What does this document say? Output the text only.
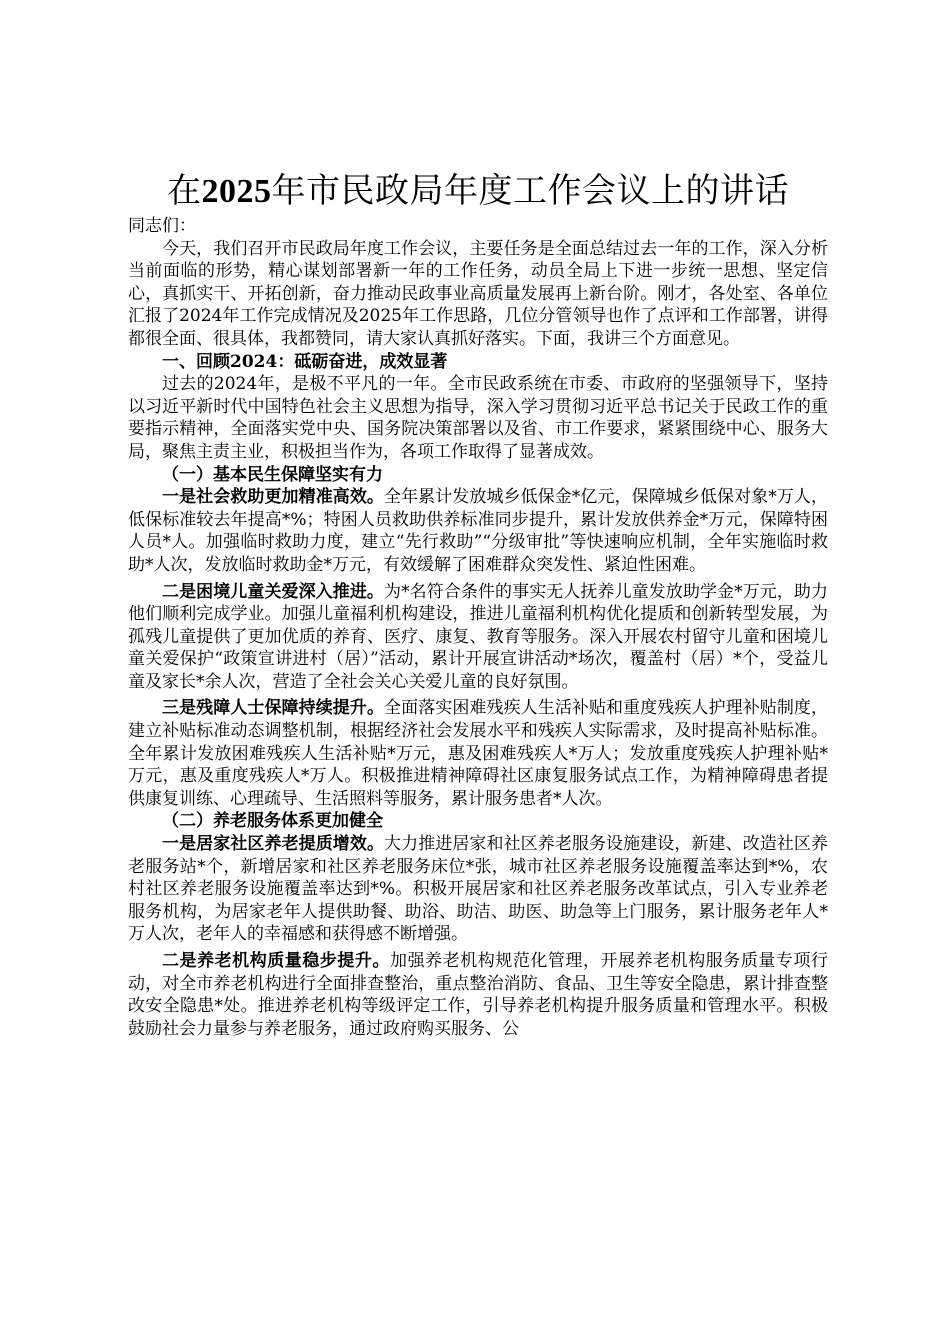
在2025年市民政局年度工作会议上的讲话

同志们：

今天，我们召开市民政局年度工作会议，主要任务是全面总结过去一年的工作，深入分析当前面临的形势，精心谋划部署新一年的工作任务，动员全局上下进一步统一思想、坚定信心，真抓实干、开拓创新，奋力推动民政事业高质量发展再上新台阶。刚才，各处室、各单位汇报了2024年工作完成情况及2025年工作思路，几位分管领导也作了点评和工作部署，讲得都很全面、很具体，我都赞同，请大家认真抓好落实。下面，我讲三个方面意见。

一、回顾2024：砥砺奋进，成效显著

过去的2024年，是极不平凡的一年。全市民政系统在市委、市政府的坚强领导下，坚持以习近平新时代中国特色社会主义思想为指导，深入学习贯彻习近平总书记关于民政工作的重要指示精神，全面落实党中央、国务院决策部署以及省、市工作要求，紧紧围绕中心、服务大局，聚焦主责主业，积极担当作为，各项工作取得了显著成效。

（一）基本民生保障坚实有力

一是社会救助更加精准高效。全年累计发放城乡低保金*亿元，保障城乡低保对象*万人，低保标准较去年提高*%；特困人员救助供养标准同步提升，累计发放供养金*万元，保障特困人员*人。加强临时救助力度，建立“先行救助”“分级审批”等快速响应机制，全年实施临时救助*人次，发放临时救助金*万元，有效缓解了困难群众突发性、紧迫性困难。

二是困境儿童关爱深入推进。为*名符合条件的事实无人抚养儿童发放助学金*万元，助力他们顺利完成学业。加强儿童福利机构建设，推进儿童福利机构优化提质和创新转型发展，为孤残儿童提供了更加优质的养育、医疗、康复、教育等服务。深入开展农村留守儿童和困境儿童关爱保护“政策宣讲进村（居）”活动，累计开展宣讲活动*场次，覆盖村（居）*个，受益儿童及家长*余人次，营造了全社会关心关爱儿童的良好氛围。

三是残障人士保障持续提升。全面落实困难残疾人生活补贴和重度残疾人护理补贴制度，建立补贴标准动态调整机制，根据经济社会发展水平和残疾人实际需求，及时提高补贴标准。全年累计发放困难残疾人生活补贴*万元，惠及困难残疾人*万人；发放重度残疾人护理补贴*万元，惠及重度残疾人*万人。积极推进精神障碍社区康复服务试点工作，为精神障碍患者提供康复训练、心理疏导、生活照料等服务，累计服务患者*人次。

（二）养老服务体系更加健全

一是居家社区养老提质增效。大力推进居家和社区养老服务设施建设，新建、改造社区养老服务站*个，新增居家和社区养老服务床位*张，城市社区养老服务设施覆盖率达到*%，农村社区养老服务设施覆盖率达到*%。积极开展居家和社区养老服务改革试点，引入专业养老服务机构，为居家老年人提供助餐、助浴、助洁、助医、助急等上门服务，累计服务老年人*万人次，老年人的幸福感和获得感不断增强。

二是养老机构质量稳步提升。加强养老机构规范化管理，开展养老机构服务质量专项行动，对全市养老机构进行全面排查整治，重点整治消防、食品、卫生等安全隐患，累计排查整改安全隐患*处。推进养老机构等级评定工作，引导养老机构提升服务质量和管理水平。积极鼓励社会力量参与养老服务，通过政府购买服务、公
